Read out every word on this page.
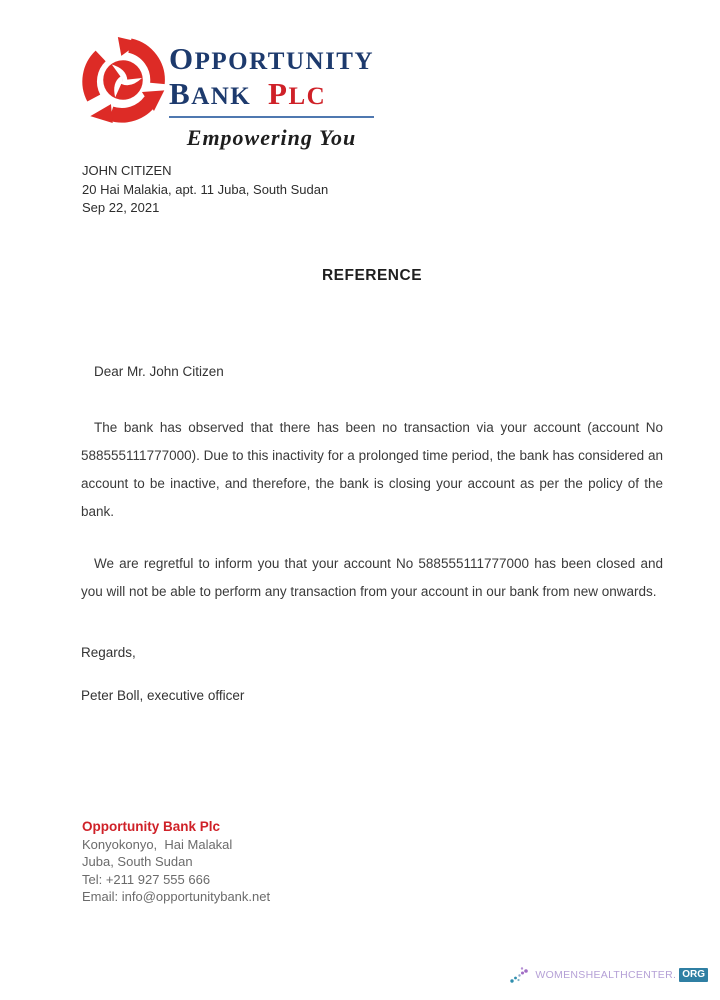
OPPORTUNITY
BANK PLC
Empowering You
JOHN CITIZEN
20 Hai Malakia, apt. 11 Juba, South Sudan
Sep 22, 2021
REFERENCE

Dear Mr. John Citizen

The bank has observed that there has been no transaction via your account (account No 588555111777000). Due to this inactivity for a prolonged time period, the bank has considered an account to be inactive, and therefore, the bank is closing your account as per the policy of the bank.

We are regretful to inform you that your account No 588555111777000 has been closed and you will not be able to perform any transaction from your account in our bank from new onwards.

Regards,

Peter Boll, executive officer

Opportunity Bank Plc
Konyokonyo,  Hai Malakal
Juba, South Sudan
Tel: +211 927 555 666
Email: info@opportunitybank.net
WOMENSHEALTHCENTER. ORG
